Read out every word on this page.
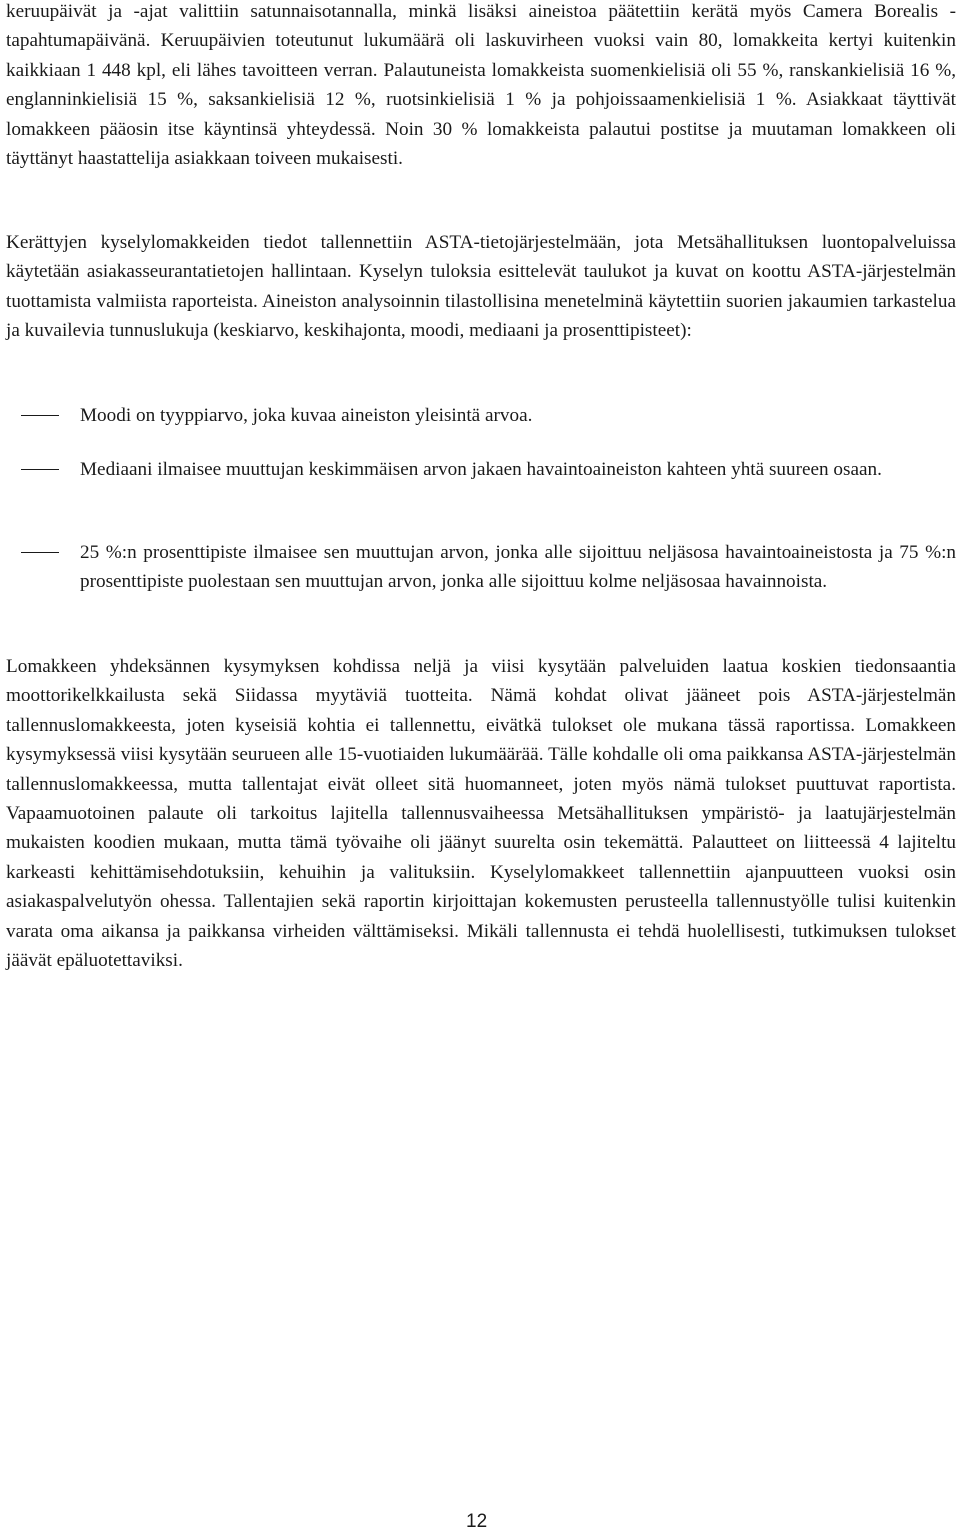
keruupäivät ja -ajat valittiin satunnaisotannalla, minkä lisäksi aineistoa päätettiin kerätä myös Camera Borealis -tapahtumapäivänä. Keruupäivien toteutunut lukumäärä oli laskuvirheen vuoksi vain 80, lomakkeita kertyi kuitenkin kaikkiaan 1 448 kpl, eli lähes tavoitteen verran. Palautuneista lomakkeista suomenkielisiä oli 55 %, ranskankielisiä 16 %, englanninkielisiä 15 %, saksankielisiä 12 %, ruotsinkielisiä 1 % ja pohjoissaamenkielisiä 1 %. Asiakkaat täyttivät lomakkeen pääosin itse käyntinsä yhteydessä. Noin 30 % lomakkeista palautui postitse ja muutaman lomakkeen oli täyttänyt haastattelija asiakkaan toiveen mukaisesti.

Kerättyjen kyselylomakkeiden tiedot tallennettiin ASTA-tietojärjestelmään, jota Metsähallituksen luontopalveluissa käytetään asiakasseurantatietojen hallintaan. Kyselyn tuloksia esittelevät taulukot ja kuvat on koottu ASTA-järjestelmän tuottamista valmiista raporteista. Aineiston analysoinnin tilastollisina menetelminä käytettiin suorien jakaumien tarkastelua ja kuvailevia tunnuslukuja (keskiarvo, keskihajonta, moodi, mediaani ja prosenttipisteet):

Moodi on tyyppiarvo, joka kuvaa aineiston yleisintä arvoa.
Mediaani ilmaisee muuttujan keskimmäisen arvon jakaen havaintoaineiston kahteen yhtä suureen osaan.
25 %:n prosenttipiste ilmaisee sen muuttujan arvon, jonka alle sijoittuu neljäsosa havaintoaineistosta ja 75 %:n prosenttipiste puolestaan sen muuttujan arvon, jonka alle sijoittuu kolme neljäsosaa havainnoista.

Lomakkeen yhdeksännen kysymyksen kohdissa neljä ja viisi kysytään palveluiden laatua koskien tiedonsaantia moottorikelkkailusta sekä Siidassa myytäviä tuotteita. Nämä kohdat olivat jääneet pois ASTA-järjestelmän tallennuslomakkeesta, joten kyseisiä kohtia ei tallennettu, eivätkä tulokset ole mukana tässä raportissa. Lomakkeen kysymyksessä viisi kysytään seurueen alle 15-vuotiaiden lukumäärää. Tälle kohdalle oli oma paikkansa ASTA-järjestelmän tallennuslomakkeessa, mutta tallentajat eivät olleet sitä huomanneet, joten myös nämä tulokset puuttuvat raportista. Vapaamuotoinen palaute oli tarkoitus lajitella tallennusvaiheessa Metsähallituksen ympäristö- ja laatujärjestelmän mukaisten koodien mukaan, mutta tämä työvaihe oli jäänyt suurelta osin tekemättä. Palautteet on liitteessä 4 lajiteltu karkeasti kehittämisehdotuksiin, kehuihin ja valituksiin. Kyselylomakkeet tallennettiin ajanpuutteen vuoksi osin asiakaspalvelutyön ohessa. Tallentajien sekä raportin kirjoittajan kokemusten perusteella tallennustyölle tulisi kuitenkin varata oma aikansa ja paikkansa virheiden välttämiseksi. Mikäli tallennusta ei tehdä huolellisesti, tutkimuksen tulokset jäävät epäluotettaviksi.

12
